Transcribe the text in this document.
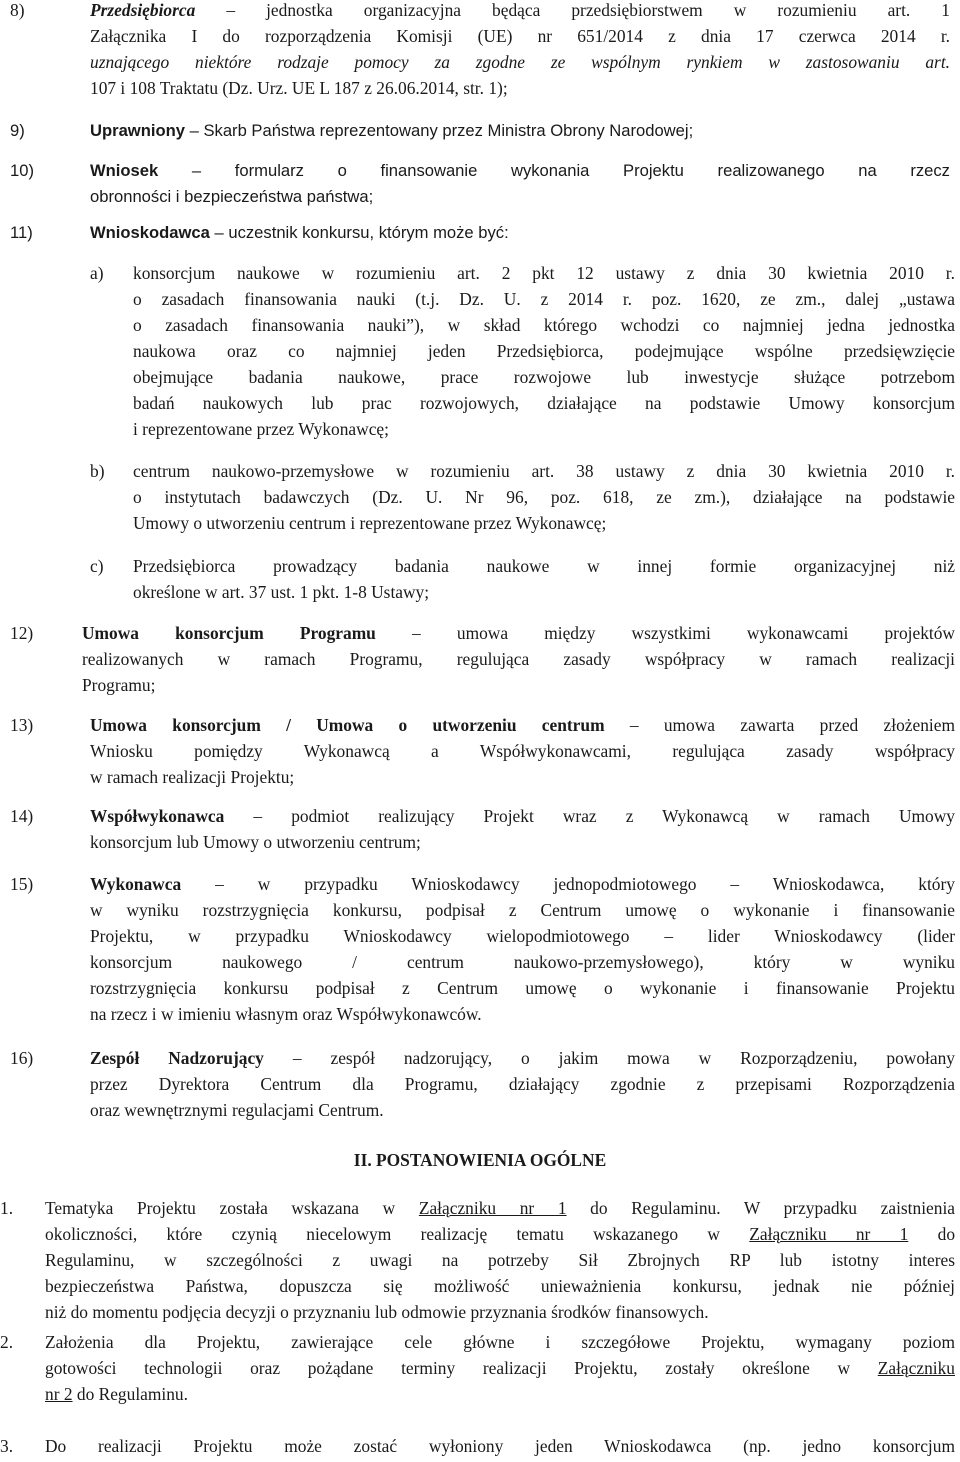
8)	Przedsiębiorca – jednostka organizacyjna będąca przedsiębiorstwem w rozumieniu art. 1
Załącznika I do rozporządzenia Komisji (UE) nr 651/2014 z dnia 17 czerwca 2014 r.
uznającego niektóre rodzaje pomocy za zgodne ze wspólnym rynkiem w zastosowaniu art.
107 i 108 Traktatu (Dz. Urz. UE L 187 z 26.06.2014, str. 1);
9)	Uprawniony – Skarb Państwa reprezentowany przez Ministra Obrony Narodowej;
10)	Wniosek – formularz o finansowanie wykonania Projektu realizowanego na rzecz
obronności i bezpieczeństwa państwa;
11)	Wnioskodawca – uczestnik konkursu, którym może być:
a) konsorcjum naukowe w rozumieniu art. 2 pkt 12 ustawy z dnia 30 kwietnia 2010 r.
o zasadach finansowania nauki (t.j. Dz. U. z 2014 r. poz. 1620, ze zm., dalej „ustawa
o zasadach finansowania nauki”), w skład którego wchodzi co najmniej jedna jednostka
naukowa oraz co najmniej jeden Przedsiębiorca, podejmujące wspólne przedsięwzięcie
obejmujące badania naukowe, prace rozwojowe lub inwestycje służące potrzebom
badań naukowych lub prac rozwojowych, działające na podstawie Umowy konsorcjum
i reprezentowane przez Wykonawcę;
b) centrum naukowo-przemysłowe w rozumieniu art. 38 ustawy z dnia 30 kwietnia 2010 r.
o instytutach badawczych (Dz. U. Nr 96, poz. 618, ze zm.), działające na podstawie
Umowy o utworzeniu centrum i reprezentowane przez Wykonawcę;
c) Przedsiębiorca prowadzący badania naukowe w innej formie organizacyjnej niż
określone w art. 37 ust. 1 pkt. 1-8 Ustawy;
12)	Umowa konsorcjum Programu – umowa między wszystkimi wykonawcami projektów
realizowanych w ramach Programu, regulująca zasady współpracy w ramach realizacji
Programu;
13)	Umowa konsorcjum / Umowa o utworzeniu centrum – umowa zawarta przed złożeniem
Wniosku pomiędzy Wykonawcą a Współwykonawcami, regulująca zasady współpracy
w ramach realizacji Projektu;
14)	Współwykonawca – podmiot realizujący Projekt wraz z Wykonawcą w ramach Umowy
konsorcjum lub Umowy o utworzeniu centrum;
15)	Wykonawca – w przypadku Wnioskodawcy jednopodmiotowego – Wnioskodawca, który
w wyniku rozstrzygnięcia konkursu, podpisał z Centrum umowę o wykonanie i finansowanie
Projektu, w przypadku Wnioskodawcy wielopodmiotowego – lider Wnioskodawcy (lider
konsorcjum naukowego / centrum naukowo-przemysłowego), który w wyniku
rozstrzygnięcia konkursu podpisał z Centrum umowę o wykonanie i finansowanie Projektu
na rzecz i w imieniu własnym oraz Współwykonawców.
16)	Zespół Nadzorujący – zespół nadzorujący, o jakim mowa w Rozporządzeniu, powołany
przez Dyrektora Centrum dla Programu, działający zgodnie z przepisami Rozporządzenia
oraz wewnętrznymi regulacjami Centrum.
II. POSTANOWIENIA OGÓLNE
1. Tematyka Projektu została wskazana w Załączniku nr 1 do Regulaminu. W przypadku zaistnienia
okoliczności, które czynią niecelowym realizację tematu wskazanego w Załączniku nr 1 do
Regulaminu, w szczególności z uwagi na potrzeby Sił Zbrojnych RP lub istotny interes
bezpieczeństwa Państwa, dopuszcza się możliwość unieważnienia konkursu, jednak nie później
niż do momentu podjęcia decyzji o przyznaniu lub odmowie przyznania środków finansowych.
2. Założenia dla Projektu, zawierające cele główne i szczegółowe Projektu, wymagany poziom
gotowości technologii oraz pożądane terminy realizacji Projektu, zostały określone w Załączniku
nr 2 do Regulaminu.
3. Do realizacji Projektu może zostać wyłoniony jeden Wnioskodawca (np. jedno konsorcjum
